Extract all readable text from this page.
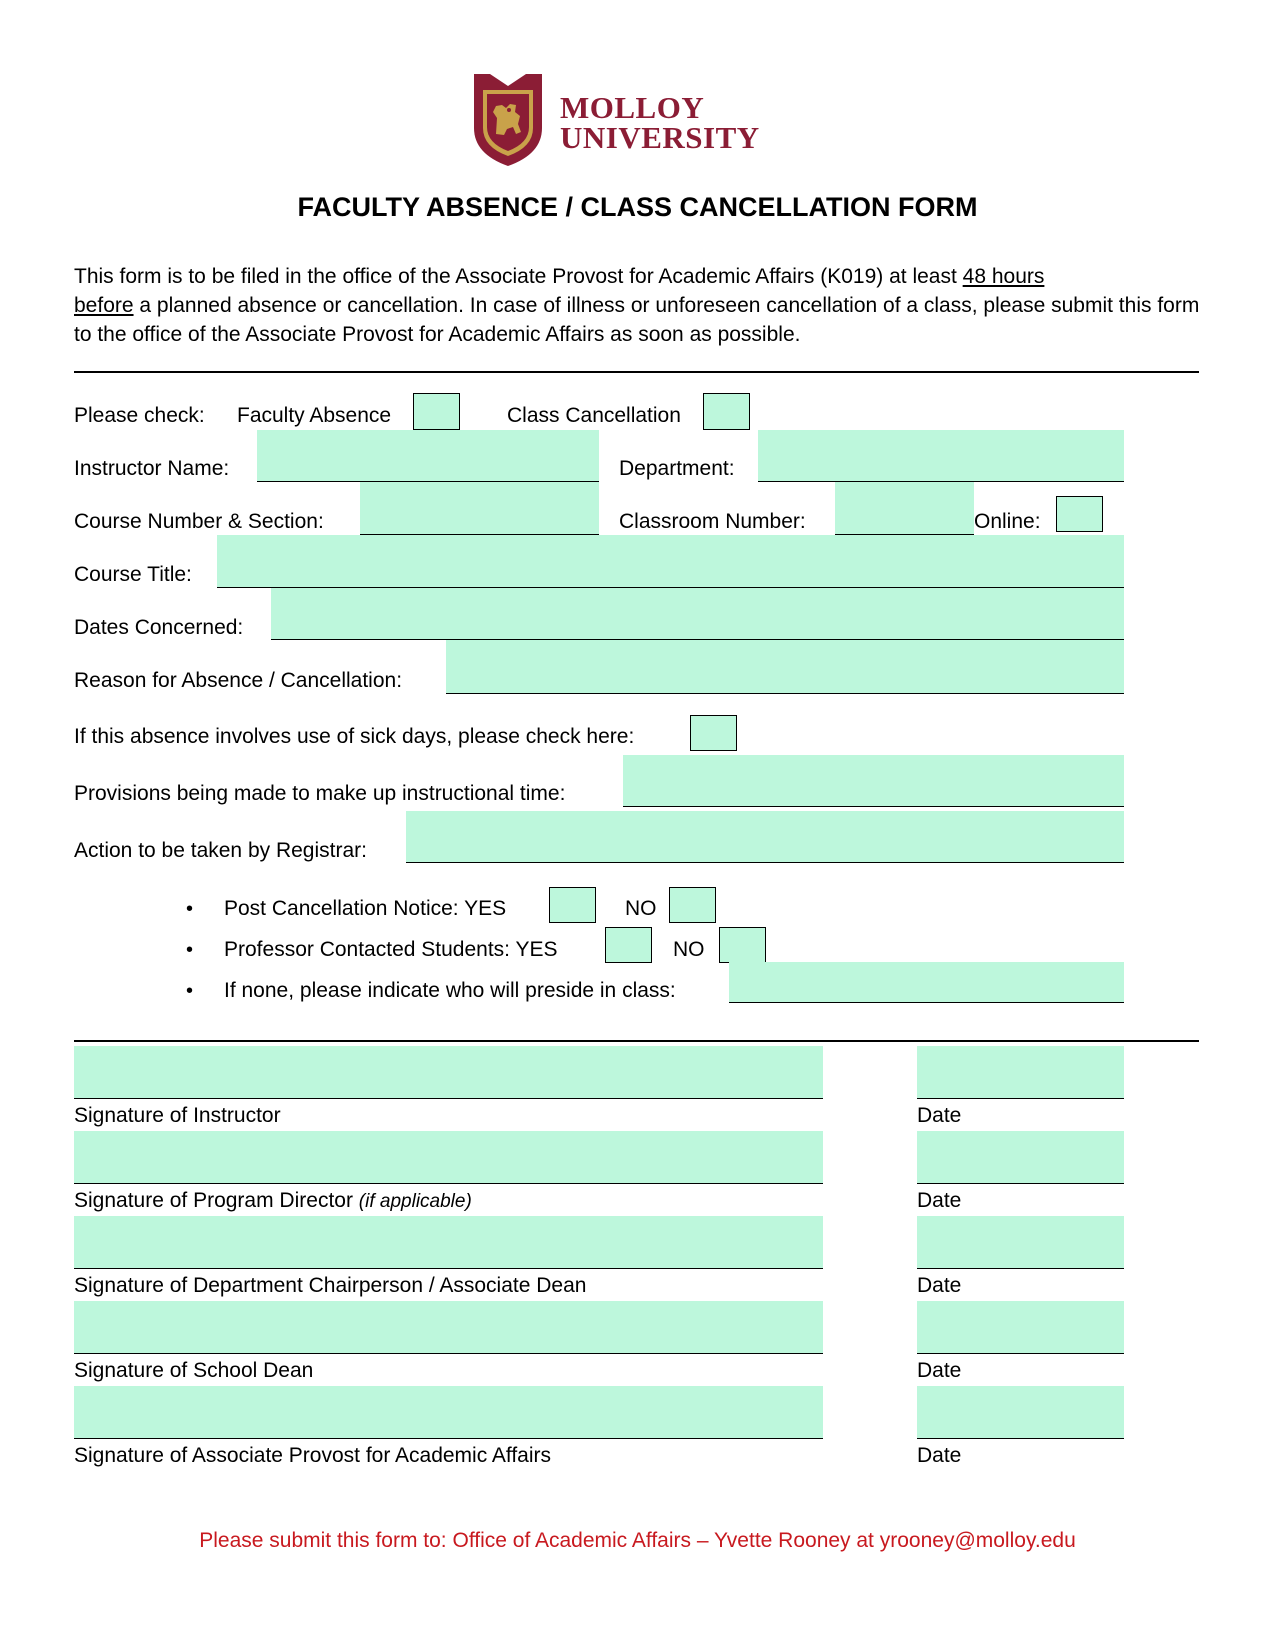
MOLLOY
UNIVERSITY
FACULTY ABSENCE / CLASS CANCELLATION FORM
This form is to be filed in the office of the Associate Provost for Academic Affairs (K019) at least 48 hours
before a planned absence or cancellation. In case of illness or unforeseen cancellation of a class, please submit this form to the office of the Associate Provost for Academic Affairs as soon as possible.
Please check: Faculty Absence	Class Cancellation
Instructor Name:	Department:
Course Number & Section:	Classroom Number:	Online:
Course Title:
Dates Concerned:
Reason for Absence / Cancellation:
If this absence involves use of sick days, please check here:
Provisions being made to make up instructional time:
Action to be taken by Registrar:
• Post Cancellation Notice: YES	NO
• Professor Contacted Students: YES	NO
• If none, please indicate who will preside in class:
Signature of Instructor	Date
Signature of Program Director (if applicable)	Date
Signature of Department Chairperson / Associate Dean	Date
Signature of School Dean	Date
Signature of Associate Provost for Academic Affairs	Date
Please submit this form to: Office of Academic Affairs – Yvette Rooney at yrooney@molloy.edu
